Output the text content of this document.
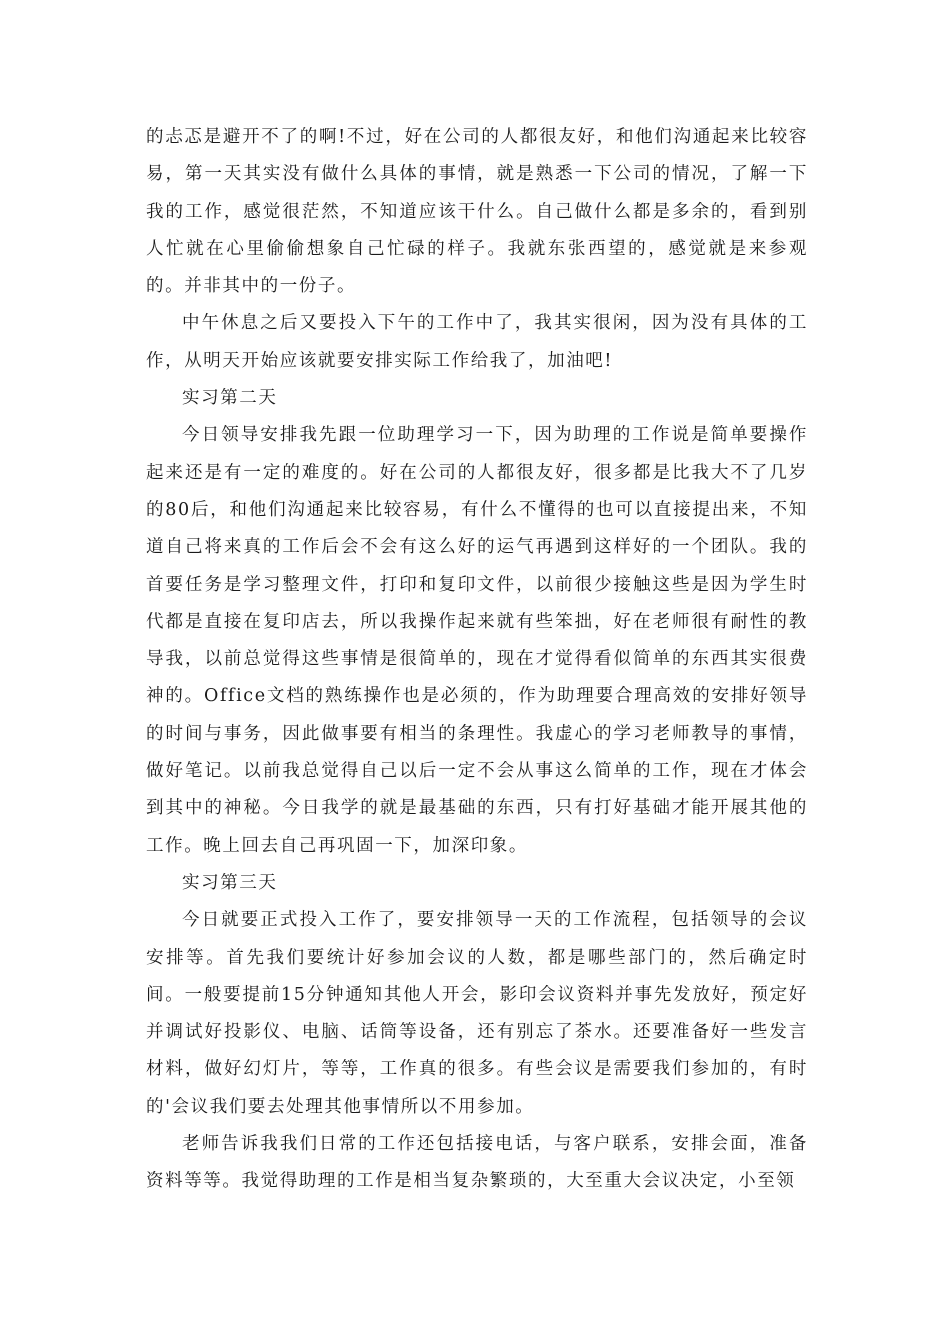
的忐忑是避开不了的啊!不过，好在公司的人都很友好，和他们沟通起来比较容易，第一天其实没有做什么具体的事情，就是熟悉一下公司的情况，了解一下我的工作，感觉很茫然，不知道应该干什么。自己做什么都是多余的，看到别人忙就在心里偷偷想象自己忙碌的样子。我就东张西望的，感觉就是来参观的。并非其中的一份子。

中午休息之后又要投入下午的工作中了，我其实很闲，因为没有具体的工作，从明天开始应该就要安排实际工作给我了，加油吧!

实习第二天

今日领导安排我先跟一位助理学习一下，因为助理的工作说是简单要操作起来还是有一定的难度的。好在公司的人都很友好，很多都是比我大不了几岁的80后，和他们沟通起来比较容易，有什么不懂得的也可以直接提出来，不知道自己将来真的工作后会不会有这么好的运气再遇到这样好的一个团队。我的首要任务是学习整理文件，打印和复印文件，以前很少接触这些是因为学生时代都是直接在复印店去，所以我操作起来就有些笨拙，好在老师很有耐性的教导我，以前总觉得这些事情是很简单的，现在才觉得看似简单的东西其实很费神的。Office文档的熟练操作也是必须的，作为助理要合理高效的安排好领导的时间与事务，因此做事要有相当的条理性。我虚心的学习老师教导的事情，做好笔记。以前我总觉得自己以后一定不会从事这么简单的工作，现在才体会到其中的神秘。今日我学的就是最基础的东西，只有打好基础才能开展其他的工作。晚上回去自己再巩固一下，加深印象。

实习第三天

今日就要正式投入工作了，要安排领导一天的工作流程，包括领导的会议安排等。首先我们要统计好参加会议的人数，都是哪些部门的，然后确定时间。一般要提前15分钟通知其他人开会，影印会议资料并事先发放好，预定好并调试好投影仪、电脑、话筒等设备，还有别忘了茶水。还要准备好一些发言材料，做好幻灯片，等等，工作真的很多。有些会议是需要我们参加的，有时的'会议我们要去处理其他事情所以不用参加。

老师告诉我我们日常的工作还包括接电话，与客户联系，安排会面，准备资料等等。我觉得助理的工作是相当复杂繁琐的，大至重大会议决定，小至领
